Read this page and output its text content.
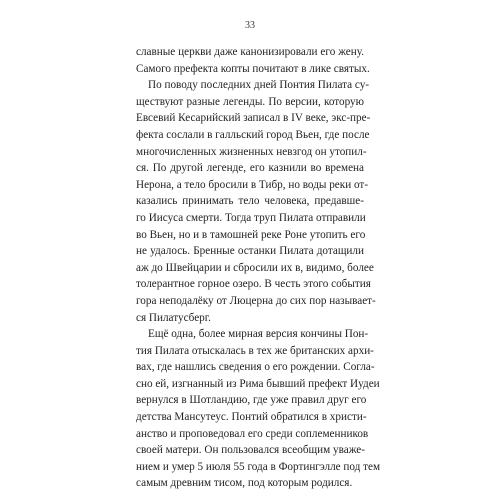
33

славные церкви даже канонизировали его жену.
Самого префекта копты почитают в лике святых.

По поводу последних дней Понтия Пилата су-
ществуют разные легенды. По версии, которую
Евсевий Кесарийский записал в IV веке, экс-пре-
фекта сослали в галльский город Вьен, где после
многочисленных жизненных невзгод он утопил-
ся. По другой легенде, его казнили во времена
Нерона, а тело бросили в Тибр, но воды реки от-
казались принимать тело человека, предавше-
го Иисуса смерти. Тогда труп Пилата отправили
во Вьен, но и в тамошней реке Роне утопить его
не удалось. Бренные останки Пилата дотащили
аж до Швейцарии и сбросили их в, видимо, более
толерантное горное озеро. В честь этого события
гора неподалёку от Люцерна до сих пор называет-
ся Пилатусберг.

Ещё одна, более мирная версия кончины Пон-
тия Пилата отыскалась в тех же британских архи-
вах, где нашлись сведения о его рождении. Согла-
сно ей, изгнанный из Рима бывший префект Иудеи
вернулся в Шотландию, где уже правил друг его
детства Мансутеус. Понтий обратился в христи-
анство и проповедовал его среди соплеменников
своей матери. Он пользовался всеобщим уваже-
нием и умер 5 июля 55 года в Фортингэлле под тем
самым древним тисом, под которым родился.
